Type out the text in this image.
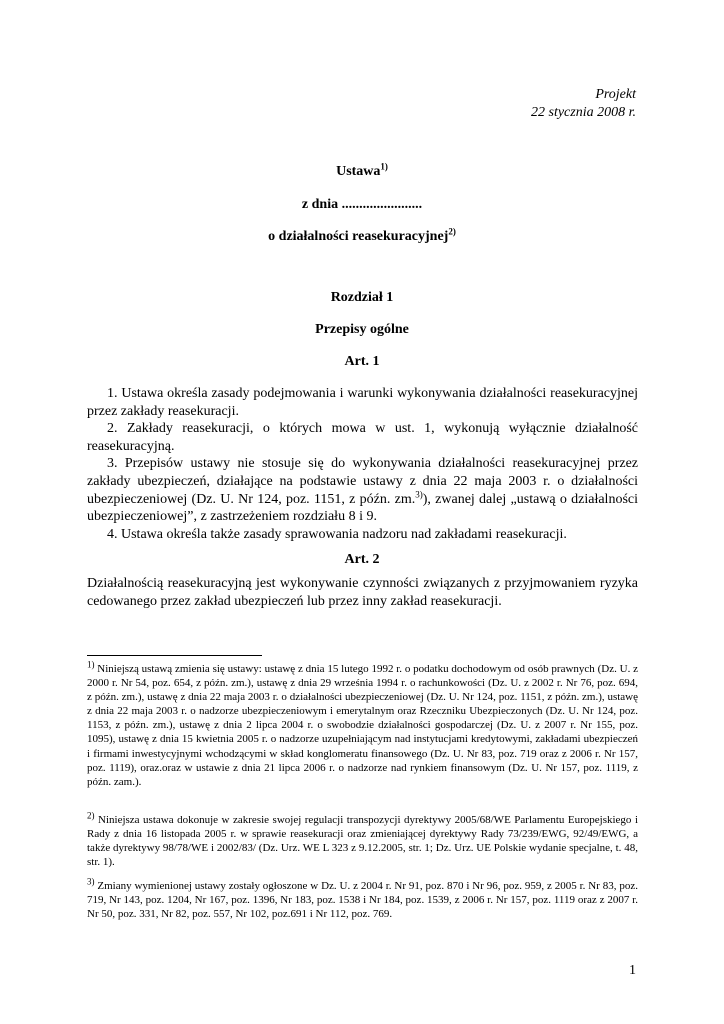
Projekt
22 stycznia 2008 r.
Ustawa$^{1)}$
z dnia .......................
o działalności reasekuracyjnej$^{2)}$
Rozdział 1
Przepisy ogólne
Art. 1

1. Ustawa określa zasady podejmowania i warunki wykonywania działalności reasekuracyjnej przez zakłady reasekuracji.

2. Zakłady reasekuracji, o których mowa w ust. 1, wykonują wyłącznie działalność reasekuracyjną.

3. Przepisów ustawy nie stosuje się do wykonywania działalności reasekuracyjnej przez zakłady ubezpieczeń, działające na podstawie ustawy z dnia 22 maja 2003 r. o działalności ubezpieczeniowej (Dz. U. Nr 124, poz. 1151, z późn. zm.$^{3)}$), zwanej dalej „ustawą o działalności ubezpieczeniowej”, z zastrzeżeniem rozdziału 8 i 9.

4. Ustawa określa także zasady sprawowania nadzoru nad zakładami reasekuracji.

Art. 2

Działalnością reasekuracyjną jest wykonywanie czynności związanych z przyjmowaniem ryzyka cedowanego przez zakład ubezpieczeń lub przez inny zakład reasekuracji.

$^{1)}$ Niniejszą ustawą zmienia się ustawy: ustawę z dnia 15 lutego 1992 r. o podatku dochodowym od osób prawnych (Dz. U. z 2000 r. Nr 54, poz. 654, z późn. zm.), ustawę z dnia 29 września 1994 r. o rachunkowości (Dz. U. z 2002 r. Nr 76, poz. 694, z późn. zm.), ustawę z dnia 22 maja 2003 r. o działalności ubezpieczeniowej (Dz. U. Nr 124, poz. 1151, z późn. zm.), ustawę z dnia 22 maja 2003 r. o nadzorze ubezpieczeniowym i emerytalnym oraz Rzeczniku Ubezpieczonych (Dz. U. Nr 124, poz. 1153, z późn. zm.), ustawę z dnia 2 lipca 2004 r. o swobodzie działalności gospodarczej (Dz. U. z 2007 r. Nr 155, poz. 1095), ustawę z dnia 15 kwietnia 2005 r. o nadzorze uzupełniającym nad instytucjami kredytowymi, zakładami ubezpieczeń i firmami inwestycyjnymi wchodzącymi w skład konglomeratu finansowego (Dz. U. Nr 83, poz. 719 oraz z 2006 r. Nr 157, poz. 1119), oraz.oraz w ustawie z dnia 21 lipca 2006 r. o nadzorze nad rynkiem finansowym (Dz. U. Nr 157, poz. 1119, z późn. zam.).

$^{2)}$ Niniejsza ustawa dokonuje w zakresie swojej regulacji transpozycji dyrektywy 2005/68/WE Parlamentu Europejskiego i Rady z dnia 16 listopada 2005 r. w sprawie reasekuracji oraz zmieniającej dyrektywy Rady 73/239/EWG, 92/49/EWG, a także dyrektywy 98/78/WE i 2002/83/ (Dz. Urz. WE L 323 z 9.12.2005, str. 1; Dz. Urz. UE Polskie wydanie specjalne, t. 48, str. 1).

$^{3)}$ Zmiany wymienionej ustawy zostały ogłoszone w Dz. U. z 2004 r. Nr 91, poz. 870 i Nr 96, poz. 959, z 2005 r. Nr 83, poz. 719, Nr 143, poz. 1204, Nr 167, poz. 1396, Nr 183, poz. 1538 i Nr 184, poz. 1539, z 2006 r. Nr 157, poz. 1119 oraz z 2007 r. Nr 50, poz. 331, Nr 82, poz. 557, Nr 102, poz.691 i Nr 112, poz. 769.

1
